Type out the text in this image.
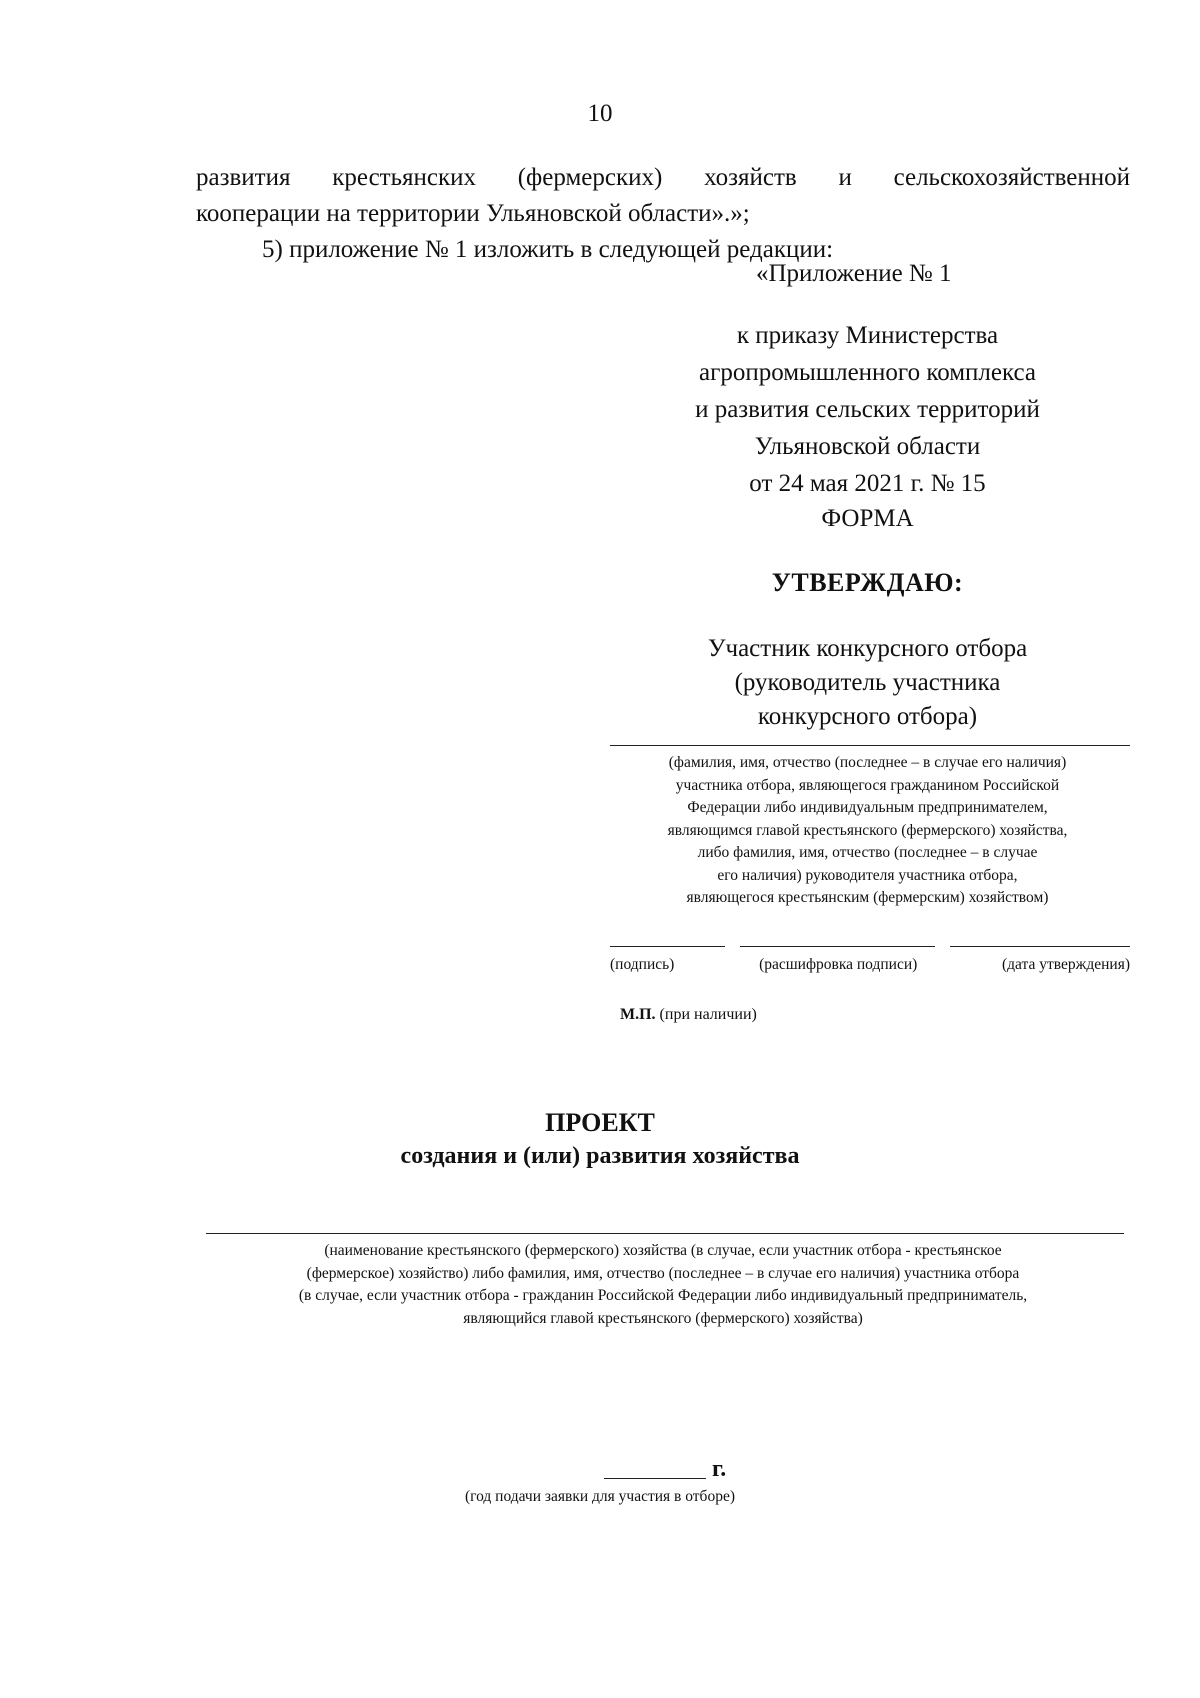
10
развития крестьянских (фермерских) хозяйств и сельскохозяйственной
кооперации на территории Ульяновской области».»;
5) приложение № 1 изложить в следующей редакции:
«Приложение № 1
к приказу Министерства
агропромышленного комплекса
и развития сельских территорий
Ульяновской области
от 24 мая 2021 г. № 15
ФОРМА
УТВЕРЖДАЮ:
Участник конкурсного отбора
(руководитель участника
конкурсного отбора)
(фамилия, имя, отчество (последнее – в случае его наличия)
участника отбора, являющегося гражданином Российской
Федерации либо индивидуальным предпринимателем,
являющимся главой крестьянского (фермерского) хозяйства,
либо фамилия, имя, отчество (последнее – в случае
его наличия) руководителя участника отбора,
являющегося крестьянским (фермерским) хозяйством)
(подпись)	(расшифровка подписи)	(дата утверждения)
М.П. (при наличии)
ПРОЕКТ
создания и (или) развития хозяйства
(наименование крестьянского (фермерского) хозяйства (в случае, если участник отбора - крестьянское
(фермерское) хозяйство) либо фамилия, имя, отчество (последнее – в случае его наличия) участника отбора
(в случае, если участник отбора - гражданин Российской Федерации либо индивидуальный предприниматель,
являющийся главой крестьянского (фермерского) хозяйства)
г.
(год подачи заявки для участия в отборе)
